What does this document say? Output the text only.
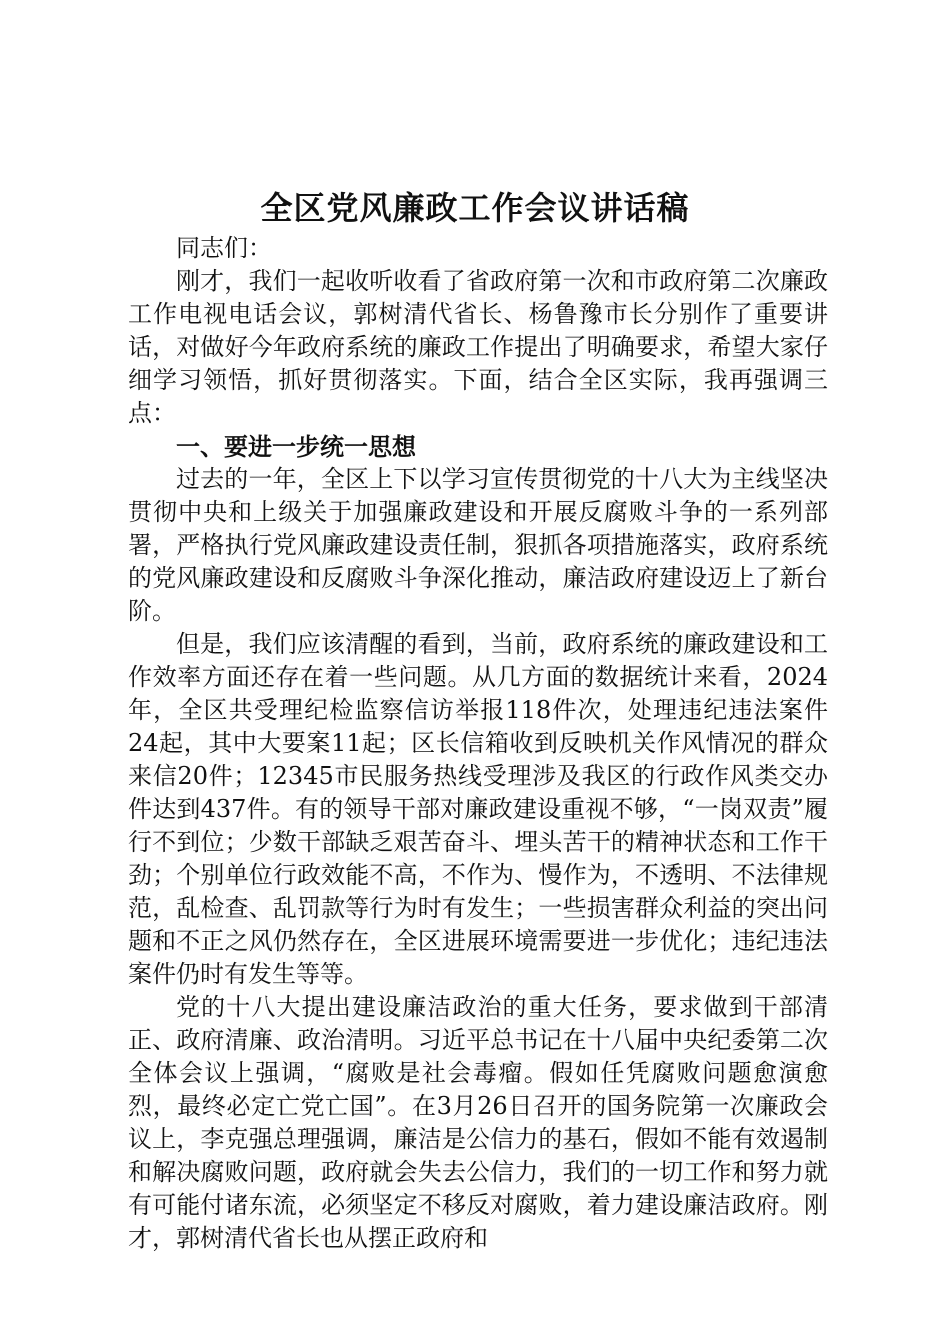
全区党风廉政工作会议讲话稿

同志们：

刚才，我们一起收听收看了省政府第一次和市政府第二次廉政工作电视电话会议，郭树清代省长、杨鲁豫市长分别作了重要讲话，对做好今年政府系统的廉政工作提出了明确要求，希望大家仔细学习领悟，抓好贯彻落实。下面，结合全区实际，我再强调三点：

一、要进一步统一思想

过去的一年，全区上下以学习宣传贯彻党的十八大为主线坚决贯彻中央和上级关于加强廉政建设和开展反腐败斗争的一系列部署，严格执行党风廉政建设责任制，狠抓各项措施落实，政府系统的党风廉政建设和反腐败斗争深化推动，廉洁政府建设迈上了新台阶。

但是，我们应该清醒的看到，当前，政府系统的廉政建设和工作效率方面还存在着一些问题。从几方面的数据统计来看，2024年，全区共受理纪检监察信访举报118件次，处理违纪违法案件24起，其中大要案11起；区长信箱收到反映机关作风情况的群众来信20件；12345市民服务热线受理涉及我区的行政作风类交办件达到437件。有的领导干部对廉政建设重视不够，“一岗双责”履行不到位；少数干部缺乏艰苦奋斗、埋头苦干的精神状态和工作干劲；个别单位行政效能不高，不作为、慢作为，不透明、不法律规范，乱检查、乱罚款等行为时有发生；一些损害群众利益的突出问题和不正之风仍然存在，全区进展环境需要进一步优化；违纪违法案件仍时有发生等等。

党的十八大提出建设廉洁政治的重大任务，要求做到干部清正、政府清廉、政治清明。习近平总书记在十八届中央纪委第二次全体会议上强调，“腐败是社会毒瘤。假如任凭腐败问题愈演愈烈，最终必定亡党亡国”。在3月26日召开的国务院第一次廉政会议上，李克强总理强调，廉洁是公信力的基石，假如不能有效遏制和解决腐败问题，政府就会失去公信力，我们的一切工作和努力就有可能付诸东流，必须坚定不移反对腐败，着力建设廉洁政府。刚才，郭树清代省长也从摆正政府和
